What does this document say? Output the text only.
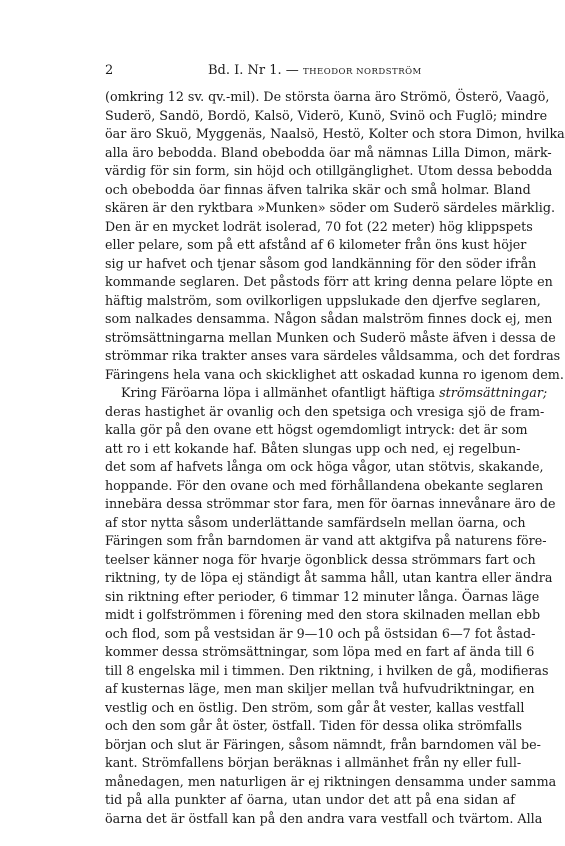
2	Bd. I. Nr 1. — THEODOR NORDSTRÖM
(omkring 12 sv. qv.-mil). De största öarna äro Strömö, Österö, Vaagö,
Suderö, Sandö, Bordö, Kalsö, Viderö, Kunö, Svinö och Fuglö; mindre
öar äro Skuö, Myggenäs, Naalsö, Hestö, Kolter och stora Dimon, hvilka
alla äro bebodda. Bland obebodda öar må nämnas Lilla Dimon, märk-
värdig för sin form, sin höjd och otillgänglighet. Utom dessa bebodda
och obebodda öar finnas äfven talrika skär och små holmar. Bland
skären är den ryktbara »Munken» söder om Suderö särdeles märklig.
Den är en mycket lodrät isolerad, 70 fot (22 meter) hög klippspets
eller pelare, som på ett afstånd af 6 kilometer från öns kust höjer
sig ur hafvet och tjenar såsom god landkänning för den söder ifrån
kommande seglaren. Det påstods förr att kring denna pelare löpte en
häftig malström, som ovilkorligen uppslukade den djerfve seglaren,
som nalkades densamma. Någon sådan malström finnes dock ej, men
strömsättningarna mellan Munken och Suderö måste äfven i dessa de
strömmar rika trakter anses vara särdeles våldsamma, och det fordras
Färingens hela vana och skicklighet att oskadad kunna ro igenom dem.
Kring Färöarna löpa i allmänhet ofantligt häftiga strömsättningar;
deras hastighet är ovanlig och den spetsiga och vresiga sjö de fram-
kalla gör på den ovane ett högst ogemdomligt intryck: det är som
att ro i ett kokande haf. Båten slungas upp och ned, ej regelbun-
det som af hafvets långa om ock höga vågor, utan stötvis, skakande,
hoppande. För den ovane och med förhållandena obekante seglaren
innebära dessa strömmar stor fara, men för öarnas innevånare äro de
af stor nytta såsom underlättande samfärdseln mellan öarna, och
Färingen som från barndomen är vand att aktgifva på naturens före-
teelser känner noga för hvarje ögonblick dessa strömmars fart och
riktning, ty de löpa ej ständigt åt samma håll, utan kantra eller ändra
sin riktning efter perioder, 6 timmar 12 minuter långa. Öarnas läge
midt i golfströmmen i förening med den stora skilnaden mellan ebb
och flod, som på vestsidan är 9—10 och på östsidan 6—7 fot åstad-
kommer dessa strömsättningar, som löpa med en fart af ända till 6
till 8 engelska mil i timmen. Den riktning, i hvilken de gå, modifieras
af kusternas läge, men man skiljer mellan två hufvudriktningar, en
vestlig och en östlig. Den ström, som går åt vester, kallas vestfall
och den som går åt öster, östfall. Tiden för dessa olika strömfalls
början och slut är Färingen, såsom nämndt, från barndomen väl be-
kant. Strömfallens början beräknas i allmänhet från ny eller full-
månedagen, men naturligen är ej riktningen densamma under samma
tid på alla punkter af öarna, utan undor det att på ena sidan af
öarna det är östfall kan på den andra vara vestfall och tvärtom. Alla
